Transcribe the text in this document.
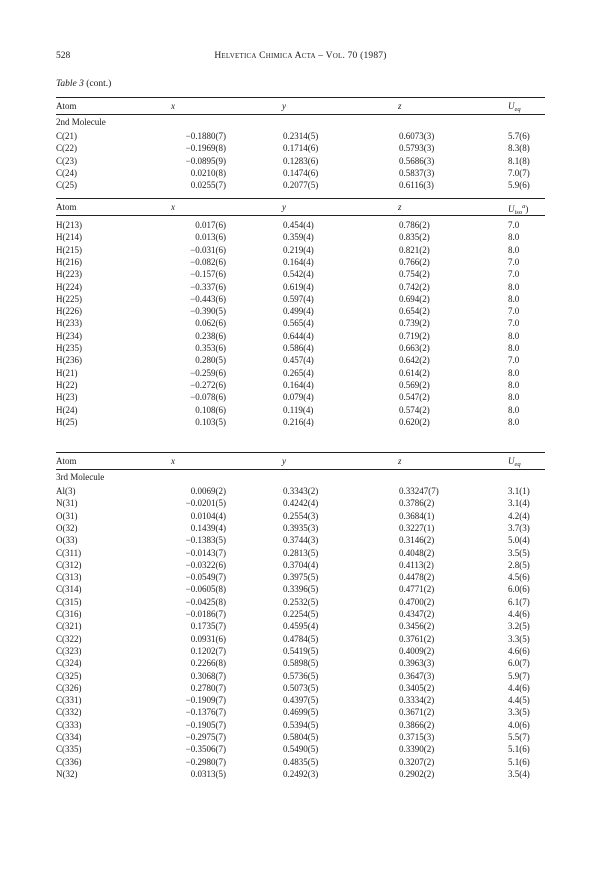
528	Helvetica Chimica Acta – Vol. 70 (1987)
Table 3 (cont.)
Atom	x	y	z	$U_{eq}$
2nd Molecule
C(21)	−0.1880(7)	0.2314(5)	0.6073(3)	5.7(6)
C(22)	−0.1969(8)	0.1714(6)	0.5793(3)	8.3(8)
C(23)	−0.0895(9)	0.1283(6)	0.5686(3)	8.1(8)
C(24)	0.0210(8)	0.1474(6)	0.5837(3)	7.0(7)
C(25)	0.0255(7)	0.2077(5)	0.6116(3)	5.9(6)
Atom	x	y	z	$U_{iso}^a$)
H(213)	0.017(6)	0.454(4)	0.786(2)	7.0
H(214)	0.013(6)	0.359(4)	0.835(2)	8.0
H(215)	−0.031(6)	0.219(4)	0.821(2)	8.0
H(216)	−0.082(6)	0.164(4)	0.766(2)	7.0
H(223)	−0.157(6)	0.542(4)	0.754(2)	7.0
H(224)	−0.337(6)	0.619(4)	0.742(2)	8.0
H(225)	−0.443(6)	0.597(4)	0.694(2)	8.0
H(226)	−0.390(5)	0.499(4)	0.654(2)	7.0
H(233)	0.062(6)	0.565(4)	0.739(2)	7.0
H(234)	0.238(6)	0.644(4)	0.719(2)	8.0
H(235)	0.353(6)	0.586(4)	0.663(2)	8.0
H(236)	0.280(5)	0.457(4)	0.642(2)	7.0
H(21)	−0.259(6)	0.265(4)	0.614(2)	8.0
H(22)	−0.272(6)	0.164(4)	0.569(2)	8.0
H(23)	−0.078(6)	0.079(4)	0.547(2)	8.0
H(24)	0.108(6)	0.119(4)	0.574(2)	8.0
H(25)	0.103(5)	0.216(4)	0.620(2)	8.0
Atom	x	y	z	$U_{eq}$
3rd Molecule
Al(3)	0.0069(2)	0.3343(2)	0.33247(7)	3.1(1)
N(31)	−0.0201(5)	0.4242(4)	0.3786(2)	3.1(4)
O(31)	0.0104(4)	0.2554(3)	0.3684(1)	4.2(4)
O(32)	0.1439(4)	0.3935(3)	0.3227(1)	3.7(3)
O(33)	−0.1383(5)	0.3744(3)	0.3146(2)	5.0(4)
C(311)	−0.0143(7)	0.2813(5)	0.4048(2)	3.5(5)
C(312)	−0.0322(6)	0.3704(4)	0.4113(2)	2.8(5)
C(313)	−0.0549(7)	0.3975(5)	0.4478(2)	4.5(6)
C(314)	−0.0605(8)	0.3396(5)	0.4771(2)	6.0(6)
C(315)	−0.0425(8)	0.2532(5)	0.4700(2)	6.1(7)
C(316)	−0.0186(7)	0.2254(5)	0.4347(2)	4.4(6)
C(321)	0.1735(7)	0.4595(4)	0.3456(2)	3.2(5)
C(322)	0.0931(6)	0.4784(5)	0.3761(2)	3.3(5)
C(323)	0.1202(7)	0.5419(5)	0.4009(2)	4.6(6)
C(324)	0.2266(8)	0.5898(5)	0.3963(3)	6.0(7)
C(325)	0.3068(7)	0.5736(5)	0.3647(3)	5.9(7)
C(326)	0.2780(7)	0.5073(5)	0.3405(2)	4.4(6)
C(331)	−0.1909(7)	0.4397(5)	0.3334(2)	4.4(5)
C(332)	−0.1376(7)	0.4699(5)	0.3671(2)	3.3(5)
C(333)	−0.1905(7)	0.5394(5)	0.3866(2)	4.0(6)
C(334)	−0.2975(7)	0.5804(5)	0.3715(3)	5.5(7)
C(335)	−0.3506(7)	0.5490(5)	0.3390(2)	5.1(6)
C(336)	−0.2980(7)	0.4835(5)	0.3207(2)	5.1(6)
N(32)	0.0313(5)	0.2492(3)	0.2902(2)	3.5(4)
